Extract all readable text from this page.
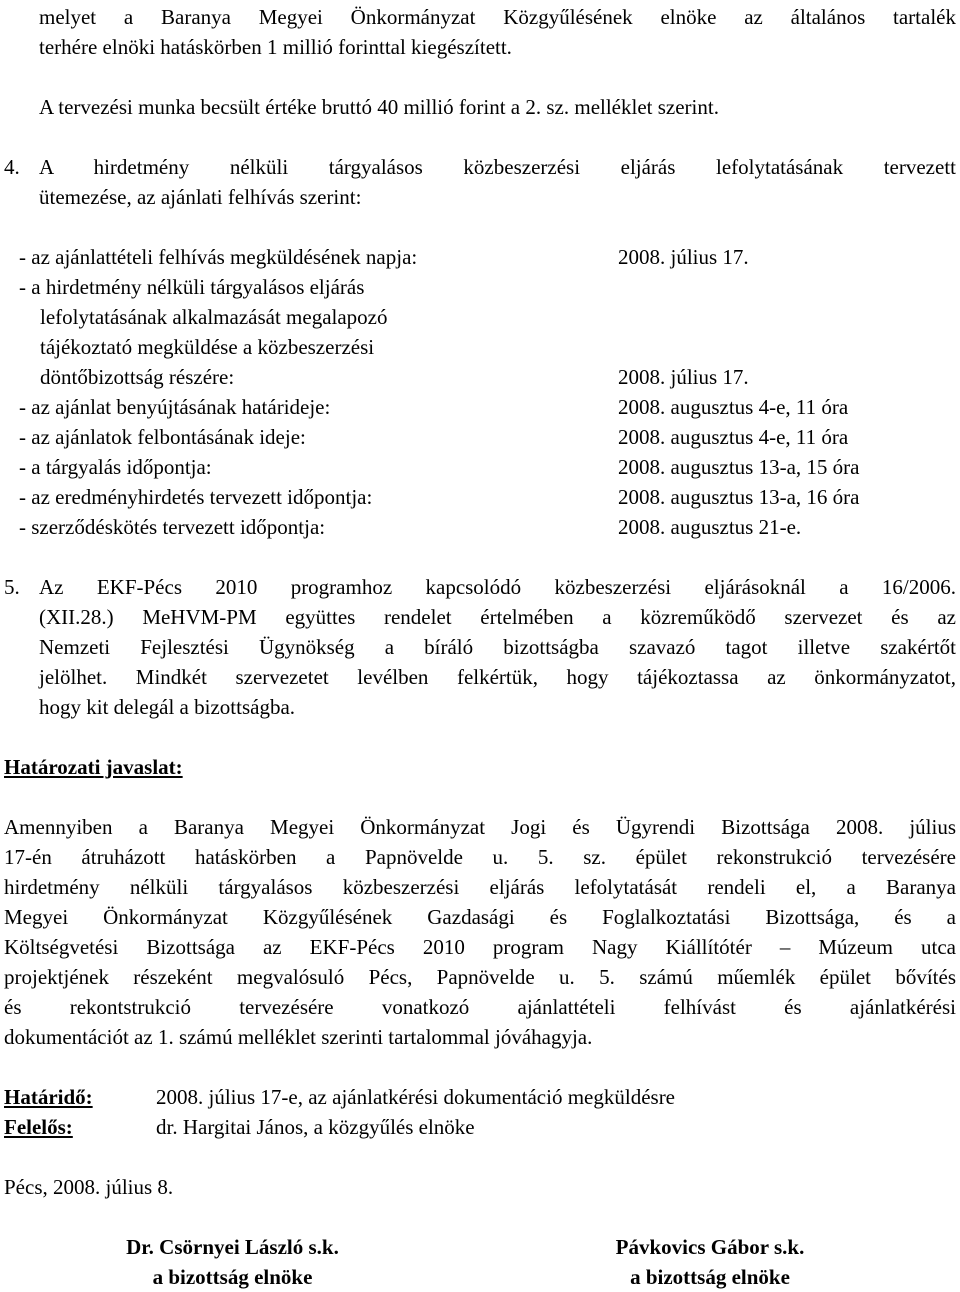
melyet a Baranya Megyei Önkormányzat Közgyűlésének elnöke az általános tartalék
terhére elnöki hatáskörben 1 millió forinttal kiegészített.
A tervezési munka becsült értéke bruttó 40 millió forint a 2. sz. melléklet szerint.
4. A hirdetmény nélküli tárgyalásos közbeszerzési eljárás lefolytatásának tervezett
ütemezése, az ajánlati felhívás szerint:
- az ajánlattételi felhívás megküldésének napja:	2008. július 17.
- a hirdetmény nélküli tárgyalásos eljárás
lefolytatásának alkalmazását megalapozó
tájékoztató megküldése a közbeszerzési
döntőbizottság részére:	2008. július 17.
- az ajánlat benyújtásának határideje:	2008. augusztus 4-e, 11 óra
- az ajánlatok felbontásának ideje:	2008. augusztus 4-e, 11 óra
- a tárgyalás időpontja:	2008. augusztus 13-a, 15 óra
- az eredményhirdetés tervezett időpontja:	2008. augusztus 13-a, 16 óra
- szerződéskötés tervezett időpontja:	2008. augusztus 21-e.
5. Az EKF-Pécs 2010 programhoz kapcsolódó közbeszerzési eljárásoknál a 16/2006.
(XII.28.) MeHVM-PM együttes rendelet értelmében a közreműködő szervezet és az
Nemzeti Fejlesztési Ügynökség a bíráló bizottságba szavazó tagot illetve szakértőt
jelölhet. Mindkét szervezetet levélben felkértük, hogy tájékoztassa az önkormányzatot,
hogy kit delegál a bizottságba.
Határozati javaslat:
Amennyiben a Baranya Megyei Önkormányzat Jogi és Ügyrendi Bizottsága 2008. július
17-én átruházott hatáskörben a Papnövelde u. 5. sz. épület rekonstrukció tervezésére
hirdetmény nélküli tárgyalásos közbeszerzési eljárás lefolytatását rendeli el, a Baranya
Megyei Önkormányzat Közgyűlésének Gazdasági és Foglalkoztatási Bizottsága, és a
Költségvetési Bizottsága az EKF-Pécs 2010 program Nagy Kiállítótér – Múzeum utca
projektjének részeként megvalósuló Pécs, Papnövelde u. 5. számú műemlék épület bővítés
és rekontstrukció tervezésére vonatkozó ajánlattételi felhívást és ajánlatkérési
dokumentációt az 1. számú melléklet szerinti tartalommal jóváhagyja.
Határidő:	2008. július 17-e, az ajánlatkérési dokumentáció megküldésre
Felelős:	dr. Hargitai János, a közgyűlés elnöke
Pécs, 2008. július 8.
Dr. Csörnyei László s.k.
a bizottság elnöke
Pávkovics Gábor s.k.
a bizottság elnöke
